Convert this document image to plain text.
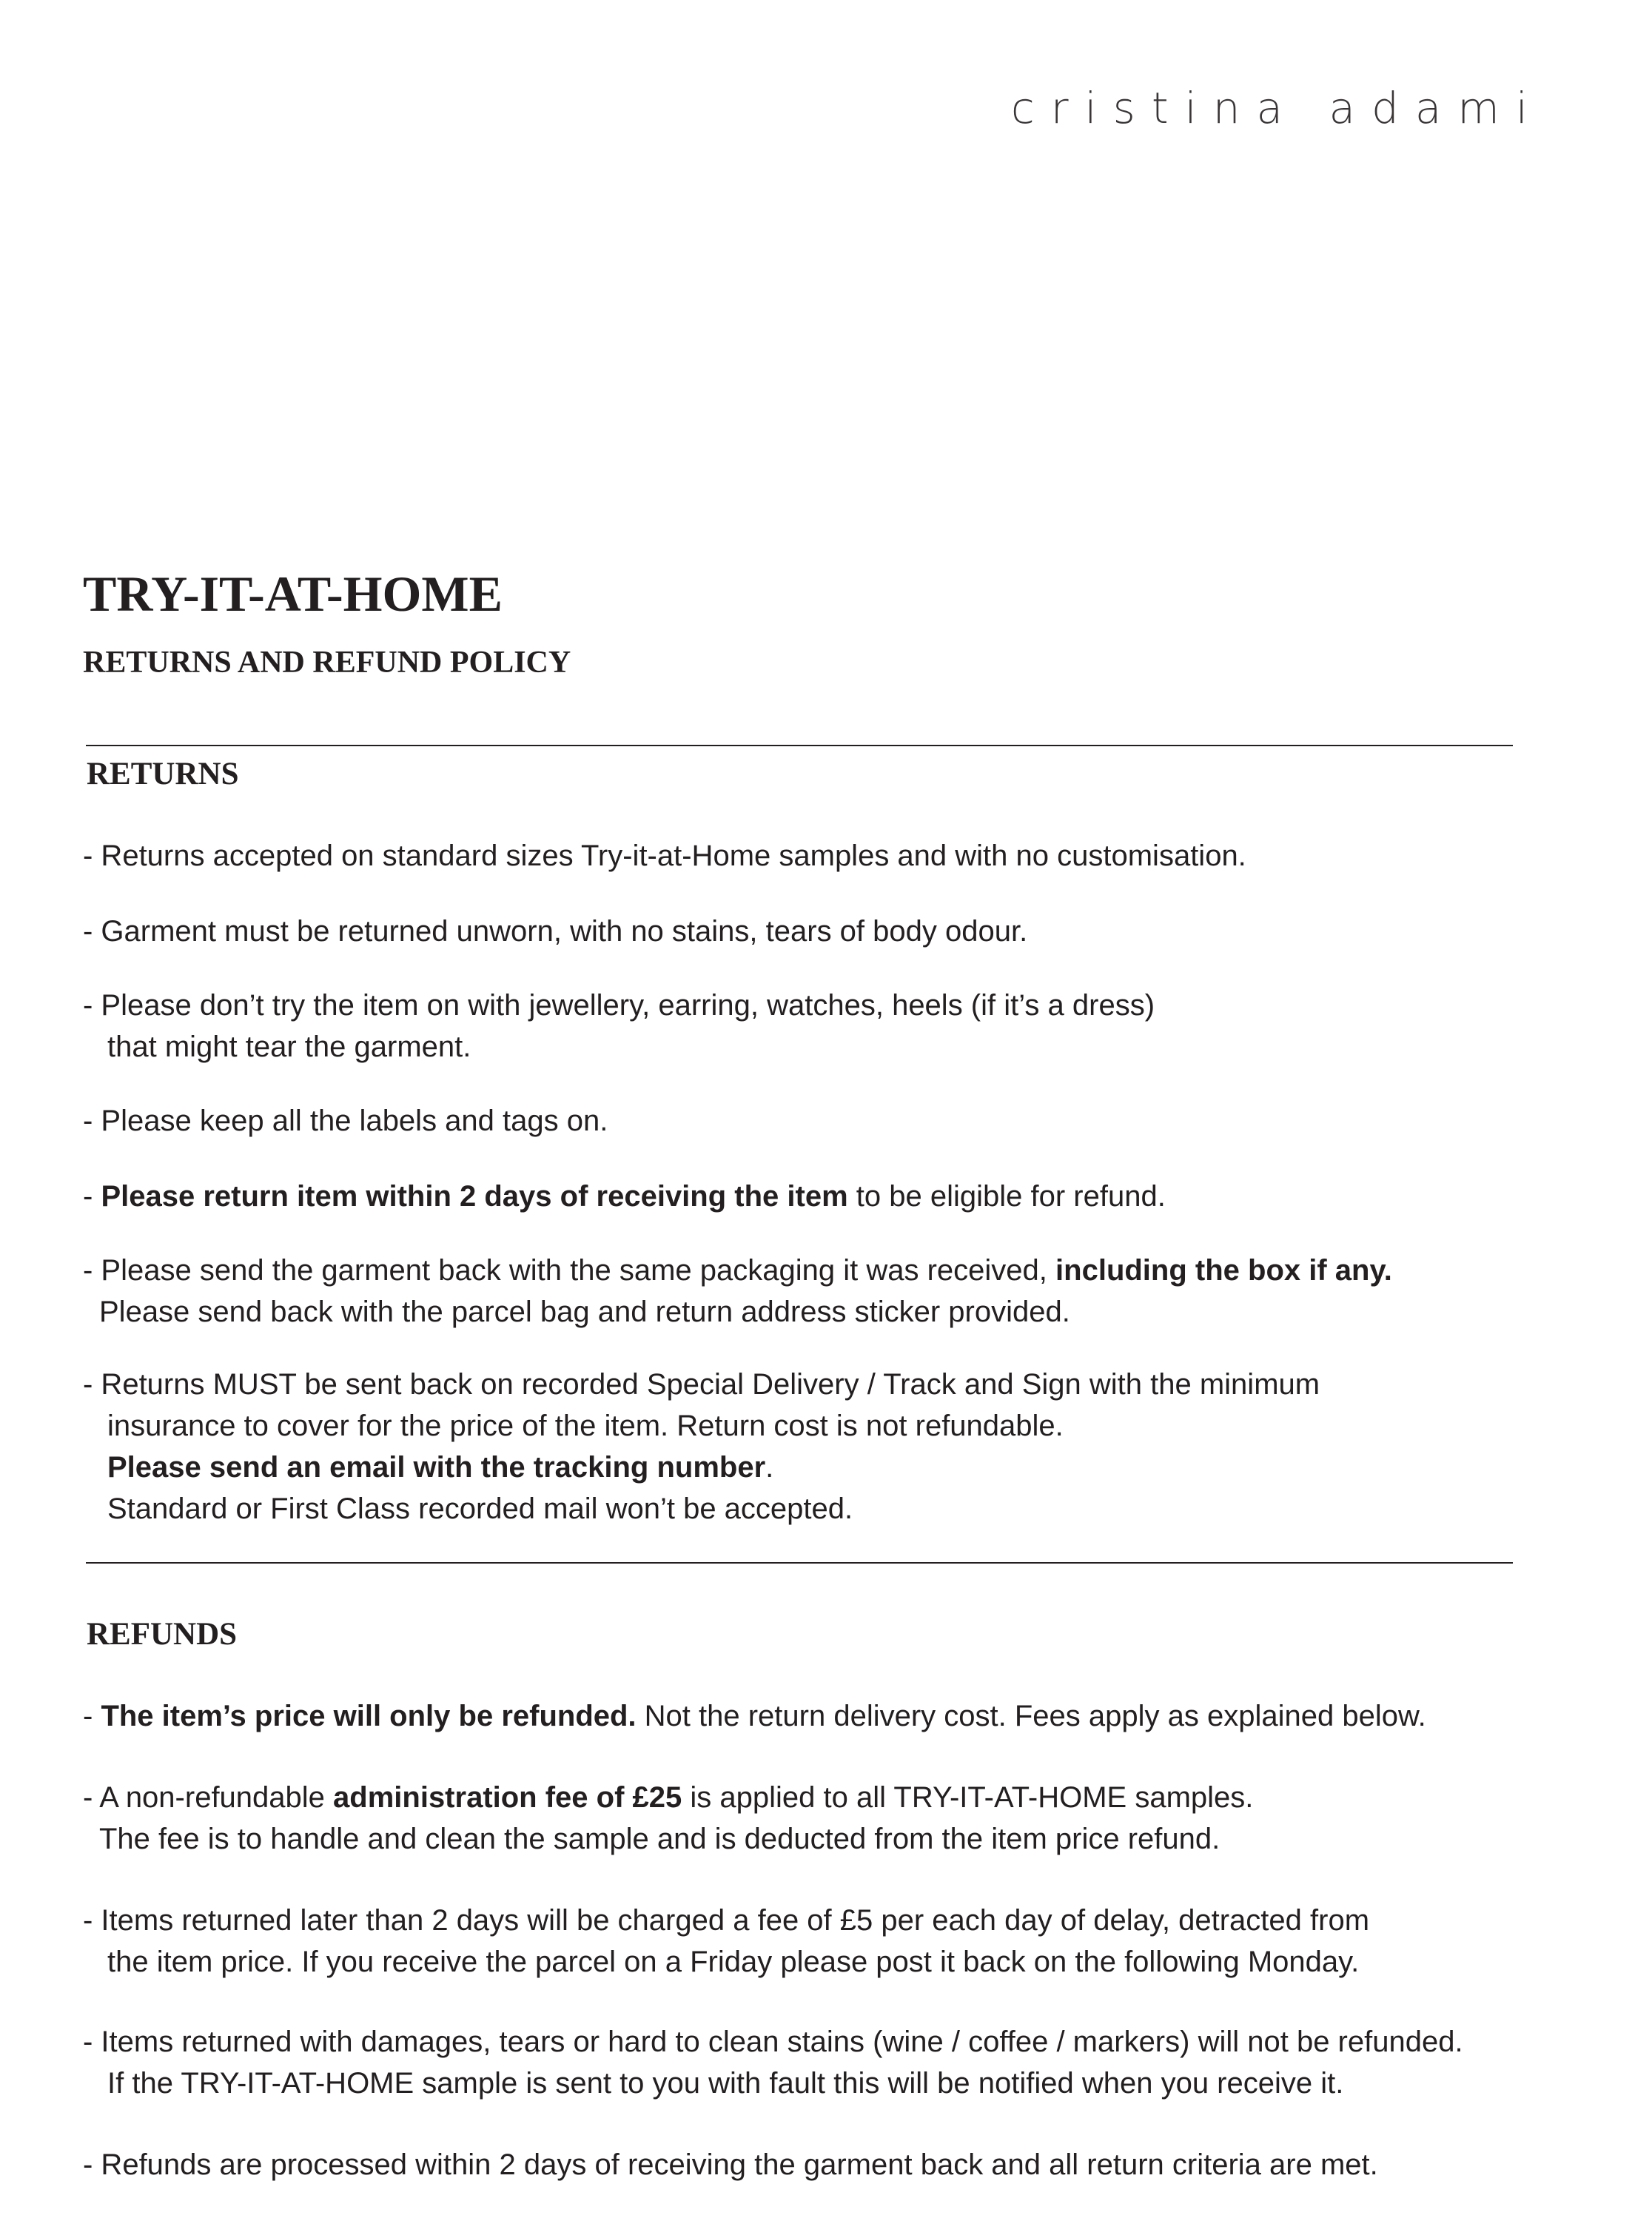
cristina adami
TRY-IT-AT-HOME
RETURNS AND REFUND POLICY
RETURNS

- Returns accepted on standard sizes Try-it-at-Home samples and with no customisation.

- Garment must be returned unworn, with no stains, tears of body odour.

- Please don’t try the item on with jewellery, earring, watches, heels (if it’s a dress)
that might tear the garment.

- Please keep all the labels and tags on.

- Please return item within 2 days of receiving the item to be eligible for refund.

- Please send the garment back with the same packaging it was received, including the box if any.
Please send back with the parcel bag and return address sticker provided.

- Returns MUST be sent back on recorded Special Delivery / Track and Sign with the minimum
insurance to cover for the price of the item. Return cost is not refundable.
Please send an email with the tracking number.
Standard or First Class recorded mail won’t be accepted.

REFUNDS

- The item’s price will only be refunded. Not the return delivery cost. Fees apply as explained below.

- A non-refundable administration fee of £25 is applied to all TRY-IT-AT-HOME samples.
The fee is to handle and clean the sample and is deducted from the item price refund.

- Items returned later than 2 days will be charged a fee of £5 per each day of delay, detracted from
the item price. If you receive the parcel on a Friday please post it back on the following Monday.

- Items returned with damages, tears or hard to clean stains (wine / coffee / markers) will not be refunded.
If the TRY-IT-AT-HOME sample is sent to you with fault this will be notified when you receive it.

- Refunds are processed within 2 days of receiving the garment back and all return criteria are met.
